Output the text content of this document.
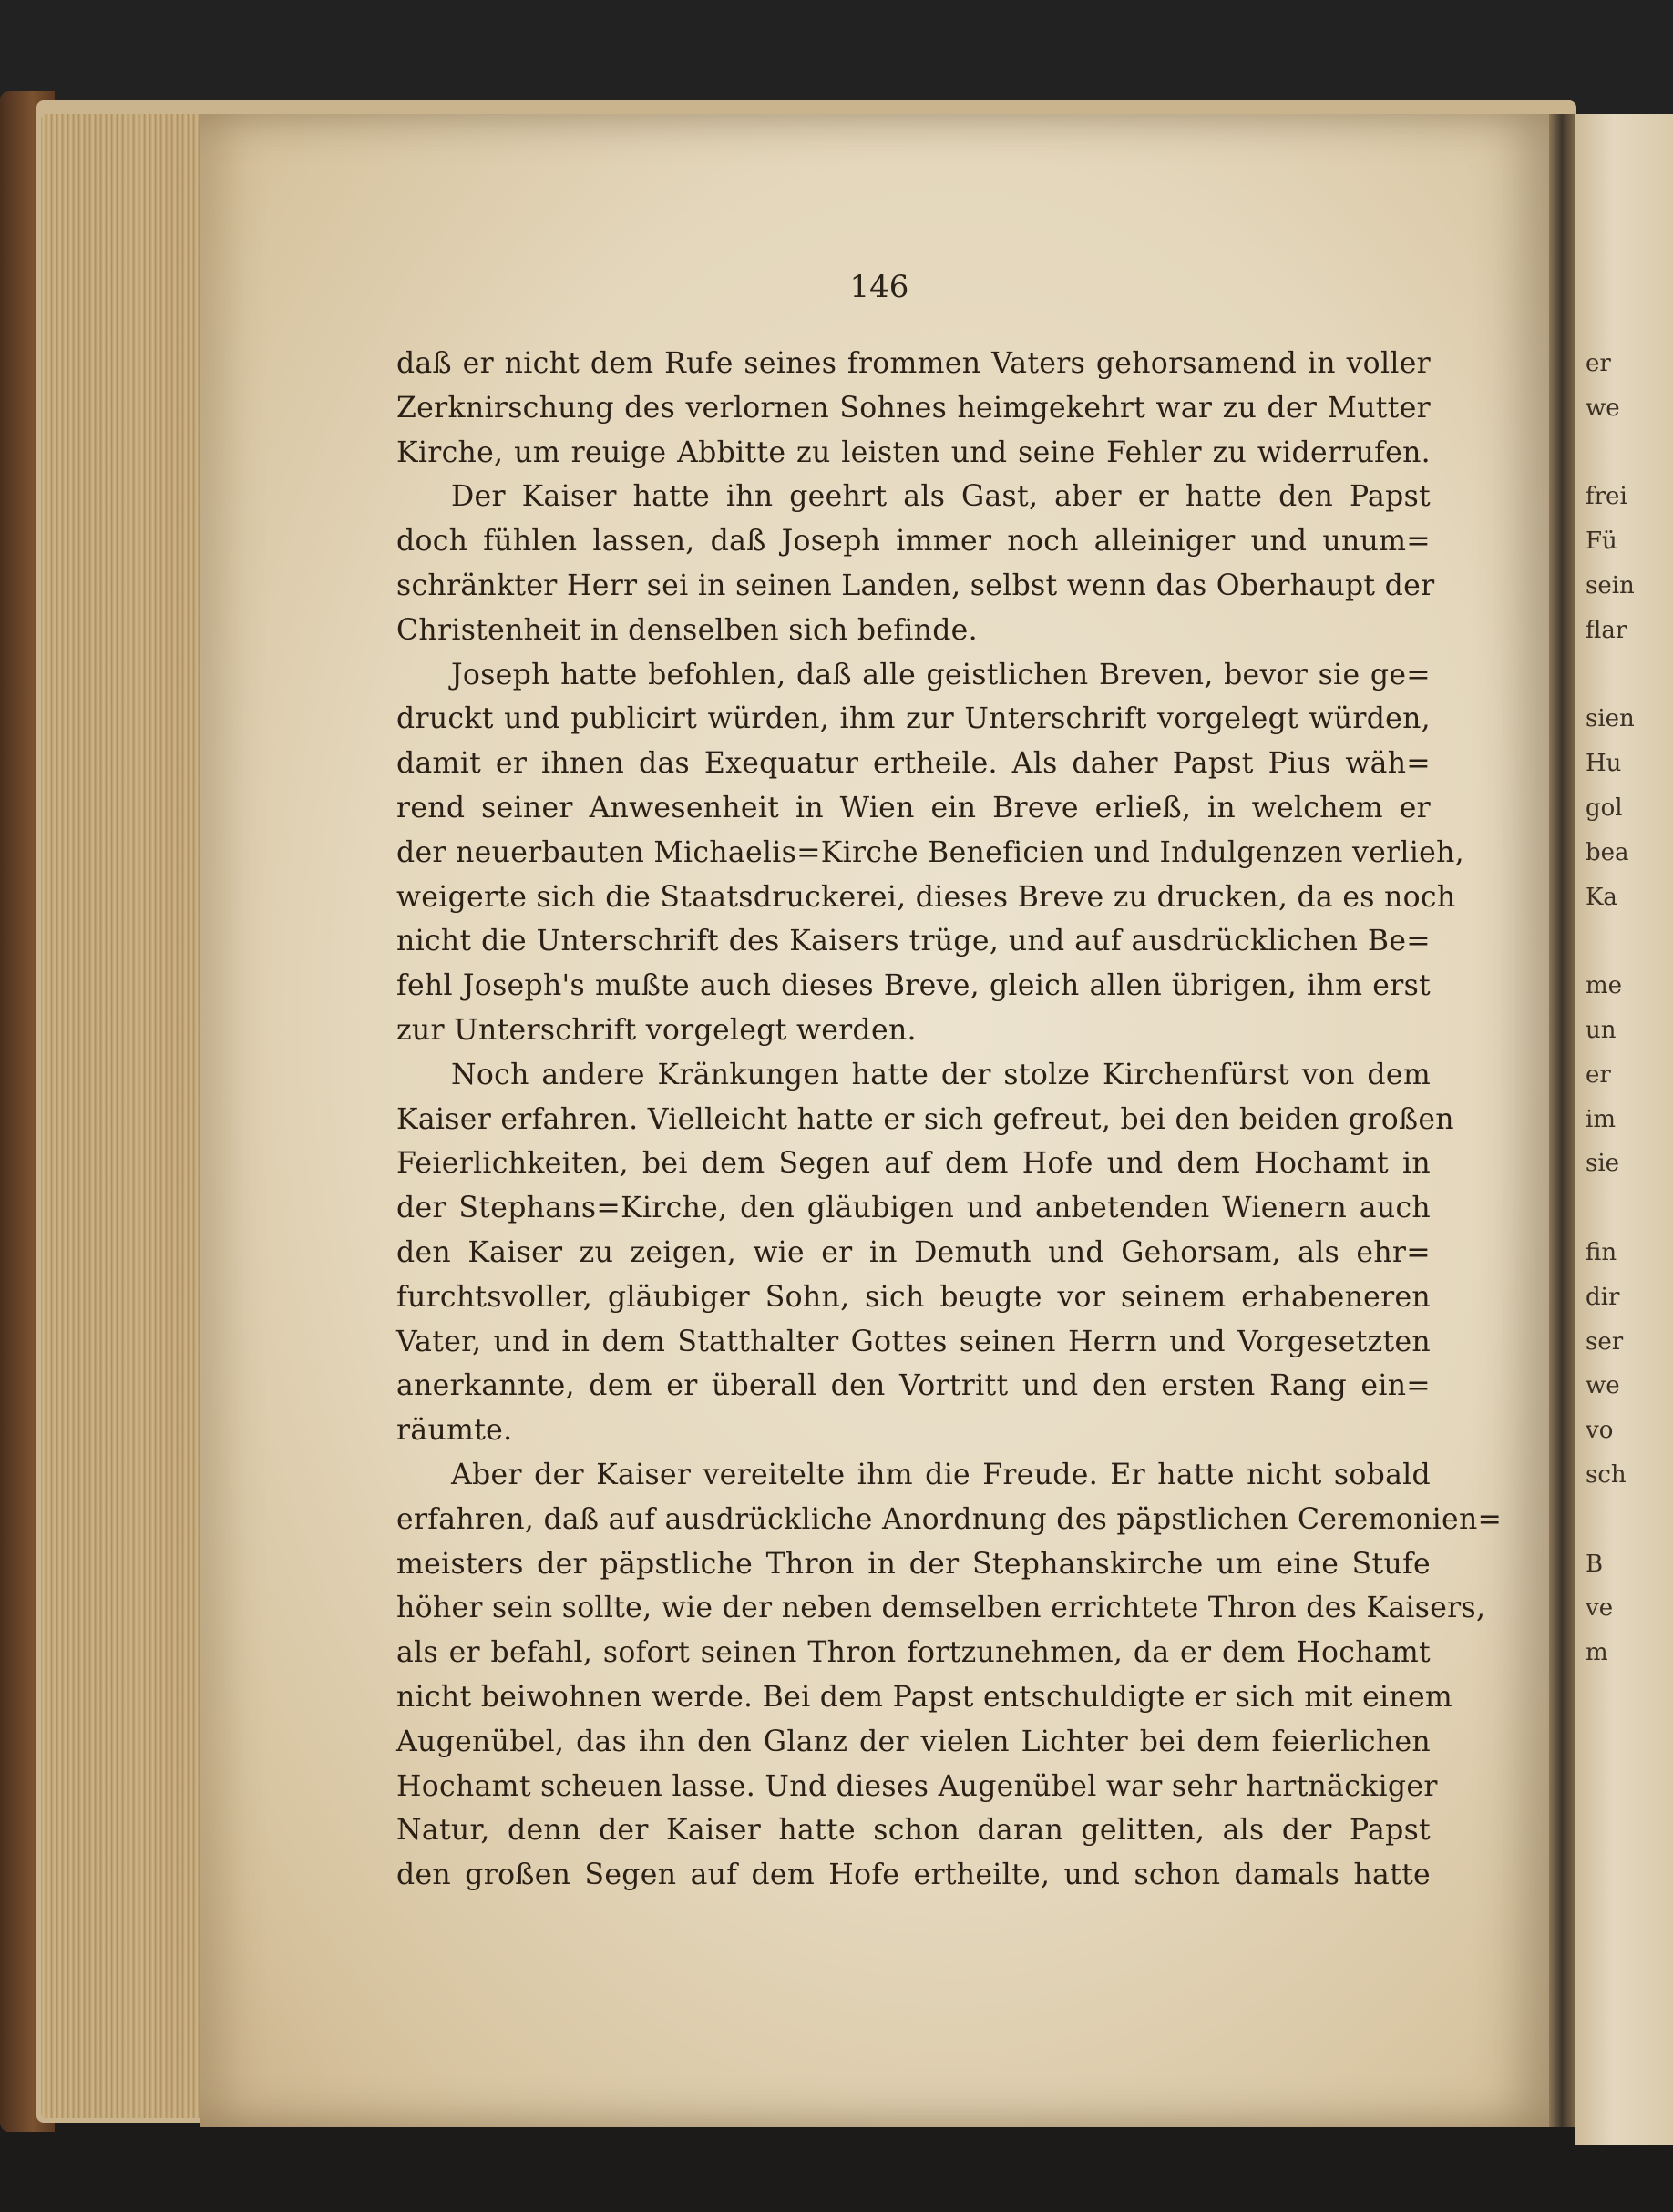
146
daß er nicht dem Rufe seines frommen Vaters gehorsamend in voller
Zerknirschung des verlornen Sohnes heimgekehrt war zu der Mutter
Kirche, um reuige Abbitte zu leisten und seine Fehler zu widerrufen.
Der Kaiser hatte ihn geehrt als Gast, aber er hatte den Papst
doch fühlen lassen, daß Joseph immer noch alleiniger und unum=
schränkter Herr sei in seinen Landen, selbst wenn das Oberhaupt der
Christenheit in denselben sich befinde.
Joseph hatte befohlen, daß alle geistlichen Breven, bevor sie ge=
druckt und publicirt würden, ihm zur Unterschrift vorgelegt würden,
damit er ihnen das Exequatur ertheile. Als daher Papst Pius wäh=
rend seiner Anwesenheit in Wien ein Breve erließ, in welchem er
der neuerbauten Michaelis=Kirche Beneficien und Indulgenzen verlieh,
weigerte sich die Staatsdruckerei, dieses Breve zu drucken, da es noch
nicht die Unterschrift des Kaisers trüge, und auf ausdrücklichen Be=
fehl Joseph's mußte auch dieses Breve, gleich allen übrigen, ihm erst
zur Unterschrift vorgelegt werden.
Noch andere Kränkungen hatte der stolze Kirchenfürst von dem
Kaiser erfahren. Vielleicht hatte er sich gefreut, bei den beiden großen
Feierlichkeiten, bei dem Segen auf dem Hofe und dem Hochamt in
der Stephans=Kirche, den gläubigen und anbetenden Wienern auch
den Kaiser zu zeigen, wie er in Demuth und Gehorsam, als ehr=
furchtsvoller, gläubiger Sohn, sich beugte vor seinem erhabeneren
Vater, und in dem Statthalter Gottes seinen Herrn und Vorgesetzten
anerkannte, dem er überall den Vortritt und den ersten Rang ein=
räumte.
Aber der Kaiser vereitelte ihm die Freude. Er hatte nicht sobald
erfahren, daß auf ausdrückliche Anordnung des päpstlichen Ceremonien=
meisters der päpstliche Thron in der Stephanskirche um eine Stufe
höher sein sollte, wie der neben demselben errichtete Thron des Kaisers,
als er befahl, sofort seinen Thron fortzunehmen, da er dem Hochamt
nicht beiwohnen werde. Bei dem Papst entschuldigte er sich mit einem
Augenübel, das ihn den Glanz der vielen Lichter bei dem feierlichen
Hochamt scheuen lasse. Und dieses Augenübel war sehr hartnäckiger
Natur, denn der Kaiser hatte schon daran gelitten, als der Papst
den großen Segen auf dem Hofe ertheilte, und schon damals hatte
er
we
frei
Fü
sein
flar
sien
Hu
gol
bea
Ka
me
un
er
im
sie
fin
dir
ser
we
vo
sch
B
ve
m
